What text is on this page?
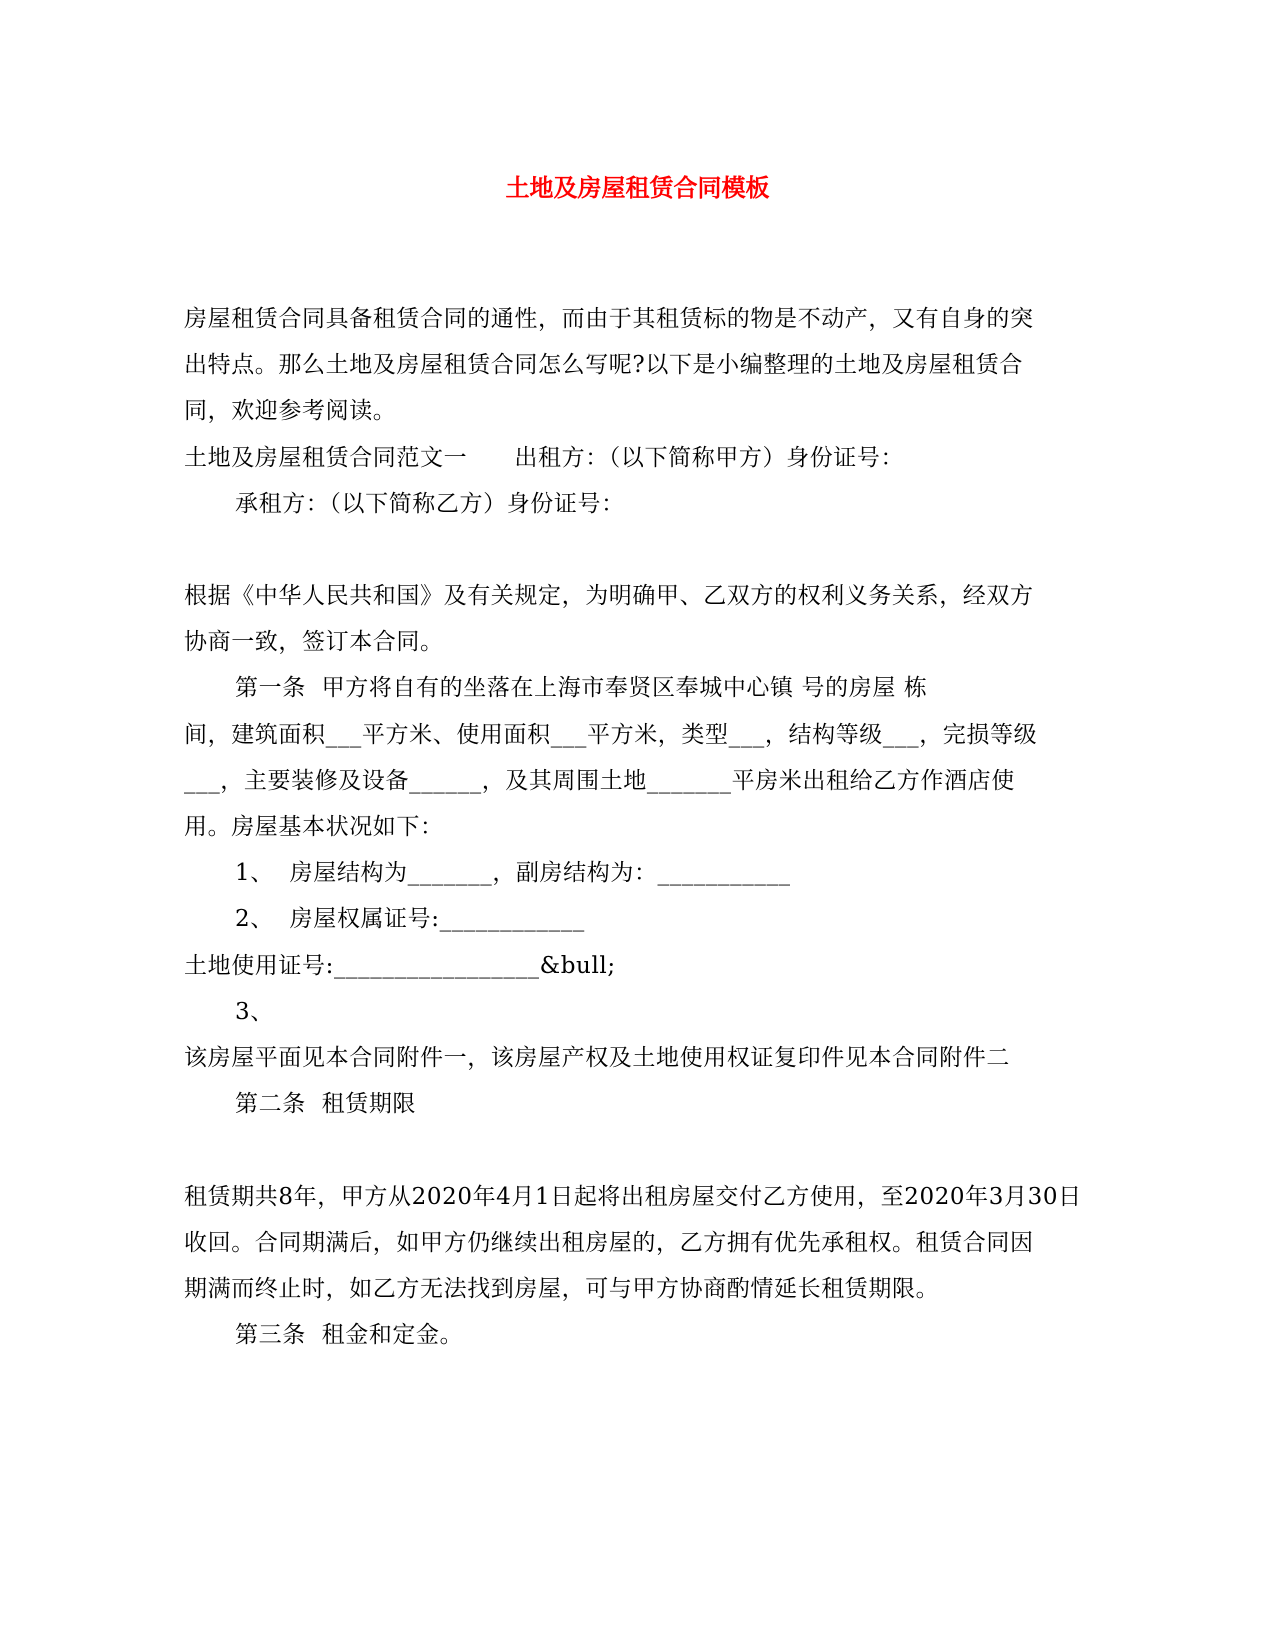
土地及房屋租赁合同模板
房屋租赁合同具备租赁合同的通性，而由于其租赁标的物是不动产，又有自身的突
出特点。那么土地及房屋租赁合同怎么写呢?以下是小编整理的土地及房屋租赁合
同，欢迎参考阅读。
土地及房屋租赁合同范文一　　出租方：（以下简称甲方）身份证号：
承租方：（以下简称乙方）身份证号：
根据《中华人民共和国》及有关规定，为明确甲、乙双方的权利义务关系，经双方
协商一致，签订本合同。
第一条  甲方将自有的坐落在上海市奉贤区奉城中心镇 号的房屋 栋
间，建筑面积___平方米、使用面积___平方米，类型___，结构等级___，完损等级
___，主要装修及设备______，及其周围土地_______平房米出租给乙方作酒店使
用。房屋基本状况如下：
1、  房屋结构为_______，副房结构为：___________
2、  房屋权属证号:____________
土地使用证号:_________________&bull;
3、
该房屋平面见本合同附件一，该房屋产权及土地使用权证复印件见本合同附件二
第二条  租赁期限
租赁期共8年，甲方从2020年4月1日起将出租房屋交付乙方使用，至2020年3月30日
收回。合同期满后，如甲方仍继续出租房屋的，乙方拥有优先承租权。租赁合同因
期满而终止时，如乙方无法找到房屋，可与甲方协商酌情延长租赁期限。
第三条  租金和定金。
